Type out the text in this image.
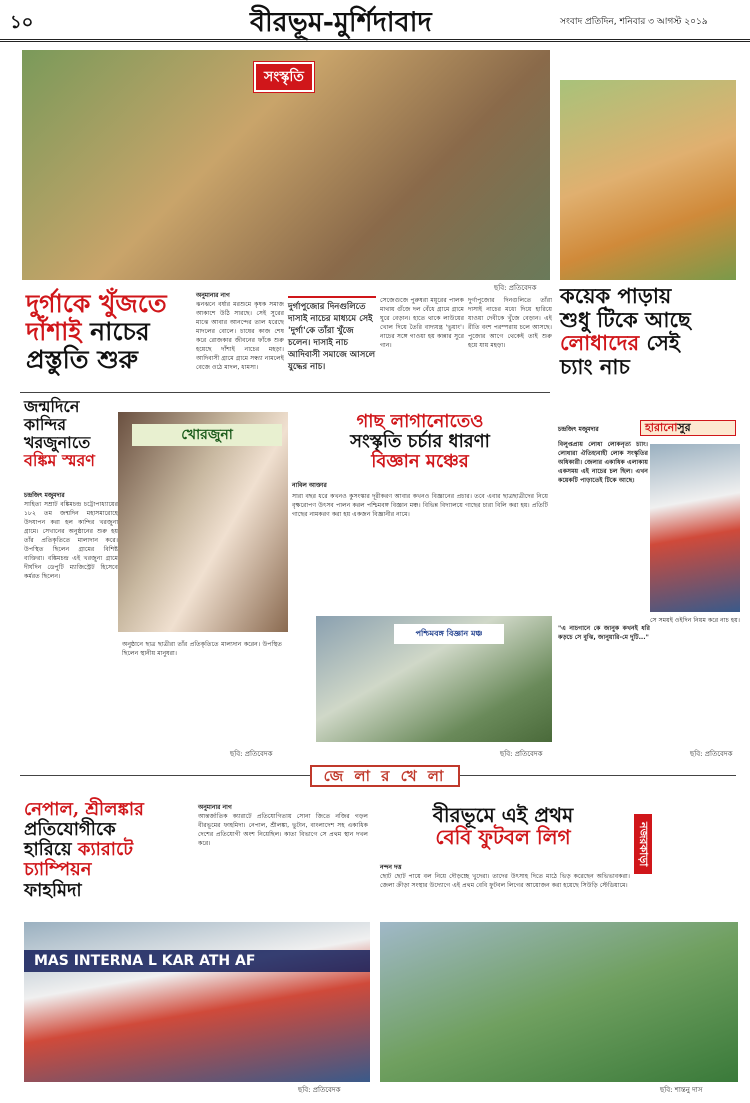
১০	বীরভূম-মুর্শিদাবাদ	সংবাদ প্রতিদিন, শনিবার ৩ আগস্ট ২০১৯
সংস্কৃতি
ছবি: প্রতিবেদক
দুর্গাকে খুঁজতে
দাঁশাই নাচের
প্রস্তুতি শুরু
অনুমানার নাগ
ঝনঝনে বর্ষার মরশুমে কৃষক সমাজ আকাশে উঠি সারছে। সেই সুরের মাঝে আবার আনন্দের তাল ধরেছে মাদলের বোলে। চাষের কাজ শেষ করে রোজকার জীবনের ফাঁকে শুরু হয়েছে দাঁশাই নাচের মহড়া। আদিবাসী গ্রামে গ্রামে সন্ধ্যা নামলেই বেজে ওঠে মাদল, ধামসা।
দুর্গাপুজোর দিনগুলিতে দাসাই নাচের মাধ্যমে সেই 'দুর্গা'কে তাঁরা খুঁজে চলেন। দাসাই নাচ আদিবাসী সমাজে আসলে যুদ্ধের নাচ।
সেজেগুজে পুরুষরা ময়ূরের পালক মাথায় গুঁজে দল বেঁধে গ্রামে গ্রামে ঘুরে বেড়ান। হাতে থাকে লাউয়ের খোল দিয়ে তৈরি বাদ্যযন্ত্র 'ভুয়াং'। নাচের সঙ্গে গাওয়া হয় কান্নার সুরে গান।
দুর্গাপুজোর দিনগুলিতে তাঁরা দাসাই নাচের মধ্যে দিয়ে হারিয়ে যাওয়া দেবীকে খুঁজে বেড়ান। এই রীতি বংশ পরম্পরায় চলে আসছে। পুজোর আগে থেকেই তাই শুরু হয়ে যায় মহড়া।
কয়েক পাড়ায়
শুধু টিকে আছে
লোধাদের সেই
চ্যাং নাচ
জন্মদিনে
কান্দির
খরজুনাতে
বঙ্কিম স্মরণ
চন্দ্রজিৎ মজুমদার
সাহিত্য সম্রাট বঙ্কিমচন্দ্র চট্টোপাধ্যায়ের ১৮২ তম জন্মদিন মহাসমারোহে উদযাপন করা হল কান্দির খরজুনা গ্রামে। সেখানের অনুষ্ঠানের শুরু হয় তাঁর প্রতিকৃতিতে মাল্যদান করে। উপস্থিত ছিলেন গ্রামের বিশিষ্ট ব্যক্তিরা। বঙ্কিমচন্দ্র এই খরজুনা গ্রামে দীর্ঘদিন ডেপুটি ম্যাজিস্ট্রেট হিসেবে কর্মরত ছিলেন।
খোরজুনা
অনুষ্ঠানে ছাত্র ছাত্রীরা তাঁর প্রতিকৃতিতে মাল্যদান করেন। উপস্থিত ছিলেন স্থানীয় মানুষরা।
ছবি: প্রতিবেদক
গাছ লাগানোতেও
সংস্কৃতি চর্চার ধারণা
বিজ্ঞান মঞ্চের
নাবিল আক্তার
সারা বছর ধরে কখনও কুসংস্কার দূরীকরণ আবার কখনও বিজ্ঞানের প্রচার। তবে এবার ছাত্রছাত্রীদের নিয়ে বৃক্ষরোপণ উৎসব পালন করল পশ্চিমবঙ্গ বিজ্ঞান মঞ্চ। বিভিন্ন বিদ্যালয়ে গাছের চারা বিলি করা হয়। প্রতিটি গাছের নামকরণ করা হয় একজন বিজ্ঞানীর নামে।
পশ্চিমবঙ্গ বিজ্ঞান মঞ্চ
ছবি: প্রতিবেদক
চন্দ্রজিৎ মজুমদার	হারানোসুর
বিলুপ্তপ্রায় লোধা লোকনৃত্য চ্যাং। লোধারা ঐতিহ্যবাহী লোক সংস্কৃতির অধিকারী। জেলার একাধিক এলাকায় একসময় এই নাচের চল ছিল। এখন কয়েকটি পাড়াতেই টিকে আছে।
"এ নাচগানে কে জানুক কখনই ধরি কড়চে সে বুঝি, জানুয়ারি-মে দুটি..."
সে সময়ই ওইদিন নিয়ম করে নাচ হয়।
ছবি: প্রতিবেদক
জে লা র খে লা
নেপাল, শ্রীলঙ্কার
প্রতিযোগীকে
হারিয়ে ক্যারাটে
চ্যাম্পিয়ন
ফাহমিদা
অনুমানার নাগ
আন্তর্জাতিক ক্যারাটে প্রতিযোগিতায় সোনা জিতে নজির গড়ল বীরভূমের ফাহমিদা। নেপাল, শ্রীলঙ্কা, ভুটান, বাংলাদেশ সহ একাধিক দেশের প্রতিযোগী অংশ নিয়েছিল। কাতা বিভাগে সে প্রথম স্থান দখল করে।
MAS INTERNA L KAR ATH AF
ছবি: প্রতিবেদক
বীরভূমে এই প্রথম
বেবি ফুটবল লিগ
নন্দন দত্ত
ছোট ছোট পায়ে বল নিয়ে দৌড়চ্ছে খুদেরা। তাদের উৎসাহ দিতে মাঠে ভিড় করেছেন অভিভাবকরা। জেলা ক্রীড়া সংস্থার উদ্যোগে এই প্রথম বেবি ফুটবল লিগের আয়োজন করা হয়েছে সিউড়ি স্টেডিয়ামে।
নজরকাড়া
ছবি: শান্তনু দাস
